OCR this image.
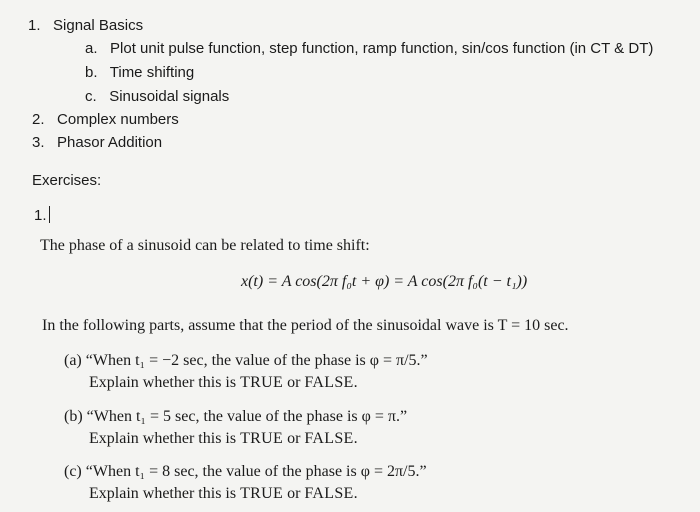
1. Signal Basics
a. Plot unit pulse function, step function, ramp function, sin/cos function (in CT & DT)
b. Time shifting
c. Sinusoidal signals
2. Complex numbers
3. Phasor Addition
Exercises:
1.
The phase of a sinusoid can be related to time shift:
x(t) = A cos(2π f₀t + φ) = A cos(2π f₀(t − t₁))
In the following parts, assume that the period of the sinusoidal wave is T = 10 sec.
(a) “When t₁ = −2 sec, the value of the phase is φ = π/5.”
Explain whether this is TRUE or FALSE.
(b) “When t₁ = 5 sec, the value of the phase is φ = π.”
Explain whether this is TRUE or FALSE.
(c) “When t₁ = 8 sec, the value of the phase is φ = 2π/5.”
Explain whether this is TRUE or FALSE.
